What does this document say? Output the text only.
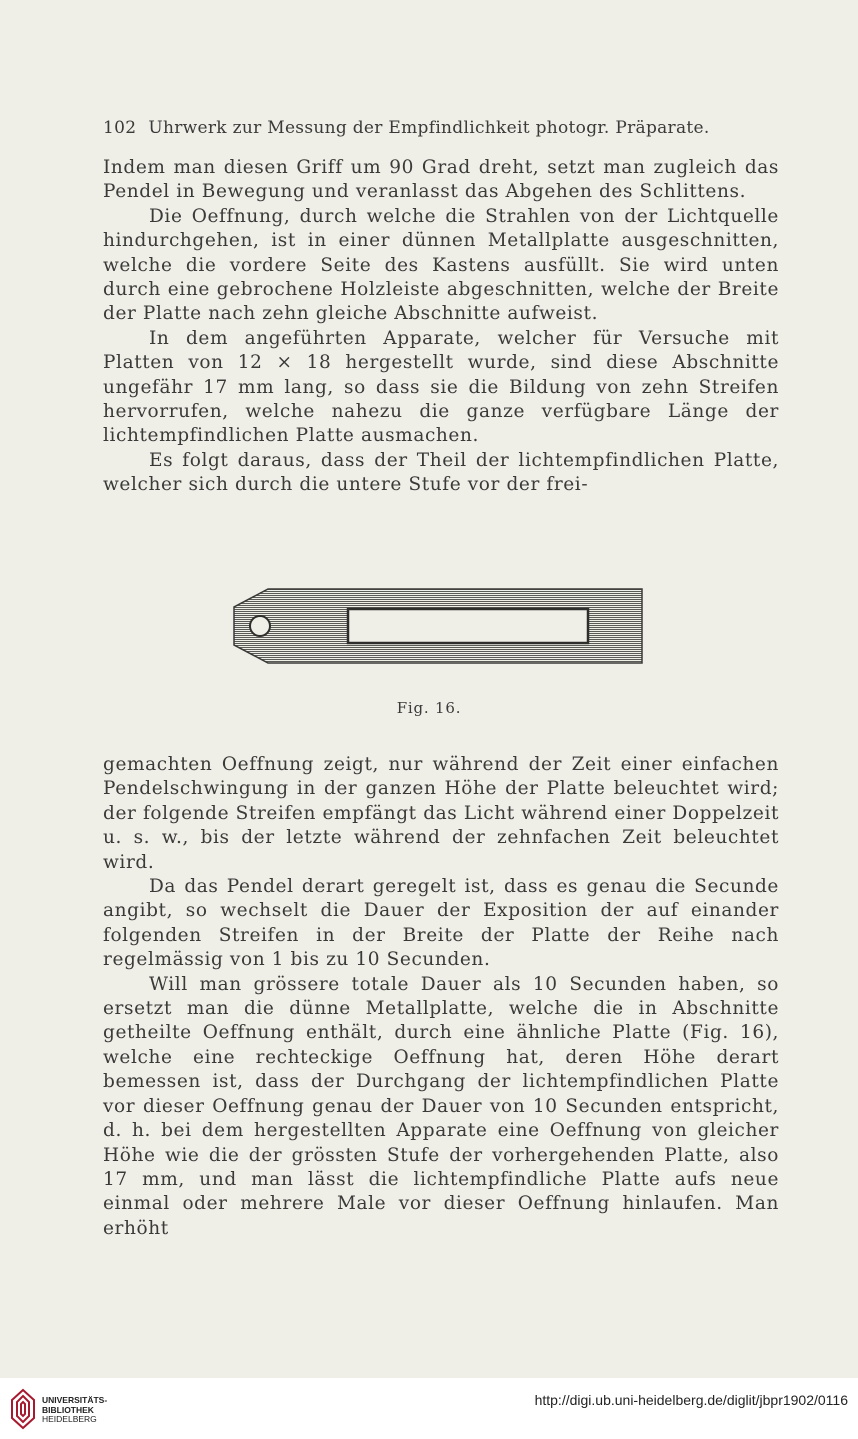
102 Uhrwerk zur Messung der Empfindlichkeit photogr. Präparate.

Indem man diesen Griff um 90 Grad dreht, setzt man zugleich das Pendel in Bewegung und veranlasst das Abgehen des Schlittens.

Die Oeffnung, durch welche die Strahlen von der Lichtquelle hindurchgehen, ist in einer dünnen Metallplatte ausgeschnitten, welche die vordere Seite des Kastens ausfüllt. Sie wird unten durch eine gebrochene Holzleiste abgeschnitten, welche der Breite der Platte nach zehn gleiche Abschnitte aufweist.

In dem angeführten Apparate, welcher für Versuche mit Platten von 12 × 18 hergestellt wurde, sind diese Abschnitte ungefähr 17 mm lang, so dass sie die Bildung von zehn Streifen hervorrufen, welche nahezu die ganze verfügbare Länge der lichtempfindlichen Platte ausmachen.

Es folgt daraus, dass der Theil der lichtempfindlichen Platte, welcher sich durch die untere Stufe vor der frei-

Fig. 16.

gemachten Oeffnung zeigt, nur während der Zeit einer einfachen Pendelschwingung in der ganzen Höhe der Platte beleuchtet wird; der folgende Streifen empfängt das Licht während einer Doppelzeit u. s. w., bis der letzte während der zehnfachen Zeit beleuchtet wird.

Da das Pendel derart geregelt ist, dass es genau die Secunde angibt, so wechselt die Dauer der Exposition der auf einander folgenden Streifen in der Breite der Platte der Reihe nach regelmässig von 1 bis zu 10 Secunden.

Will man grössere totale Dauer als 10 Secunden haben, so ersetzt man die dünne Metallplatte, welche die in Abschnitte getheilte Oeffnung enthält, durch eine ähnliche Platte (Fig. 16), welche eine rechteckige Oeffnung hat, deren Höhe derart bemessen ist, dass der Durchgang der lichtempfindlichen Platte vor dieser Oeffnung genau der Dauer von 10 Secunden entspricht, d. h. bei dem hergestellten Apparate eine Oeffnung von gleicher Höhe wie die der grössten Stufe der vorhergehenden Platte, also 17 mm, und man lässt die lichtempfindliche Platte aufs neue einmal oder mehrere Male vor dieser Oeffnung hinlaufen. Man erhöht

UNIVERSITÄTS-
BIBLIOTHEK
HEIDELBERG
http://digi.ub.uni-heidelberg.de/diglit/jbpr1902/0116
